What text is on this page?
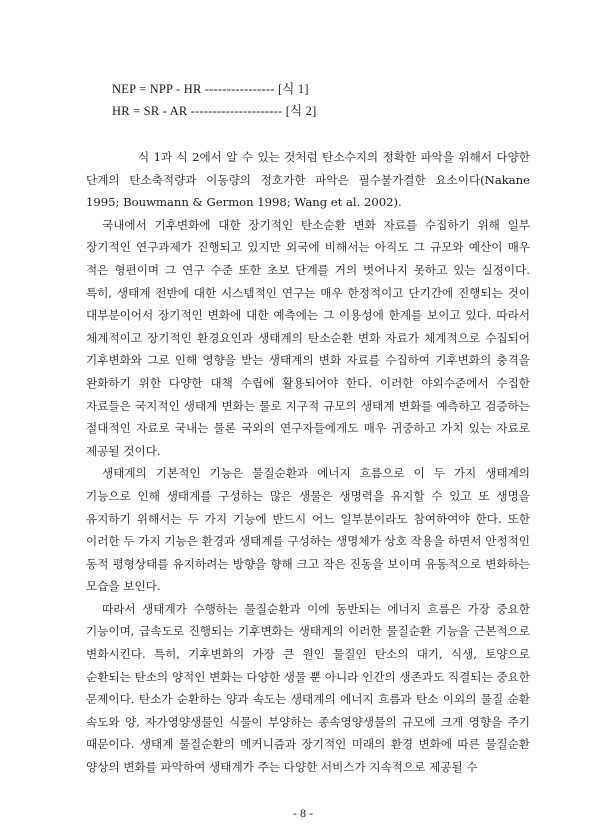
NEP = NPP - HR ---------------- [식 1]
HR = SR - AR --------------------- [식 2]

식 1과 식 2에서 알 수 있는 것처럼 탄소수지의 정확한 파악을 위해서 다양한 단계의 탄소축적량과 이동량의 정호가한 파악은 필수불가결한 요소이다(Nakane 1995; Bouwmann & Germon 1998; Wang et al. 2002).

국내에서 기후변화에 대한 장기적인 탄소순환 변화 자료를 수집하기 위해 일부 장기적인 연구과제가 진행되고 있지만 외국에 비해서는 아직도 그 규모와 예산이 매우 적은 형편이며 그 연구 수준 또한 초보 단계를 거의 벗어나지 못하고 있는 실정이다. 특히, 생태계 전반에 대한 시스템적인 연구는 매우 한정적이고 단기간에 진행되는 것이 대부분이어서 장기적인 변화에 대한 예측에는 그 이용성에 한계를 보이고 있다. 따라서 체계적이고 장기적인 환경요인과 생태계의 탄소순환 변화 자료가 체계적으로 수집되어 기후변화와 그로 인해 영향을 받는 생태계의 변화 자료를 수집하여 기후변화의 충격을 완화하기 위한 다양한 대책 수립에 활용되어야 한다. 이러한 야외수준에서 수집한 자료들은 국지적인 생태계 변화는 물로 지구적 규모의 생태계 변화를 예측하고 검증하는 절대적인 자료로 국내는 물론 국외의 연구자들에게도 매우 귀중하고 가치 있는 자료로 제공될 것이다.

생태계의 기본적인 기능은 물질순환과 에너지 흐름으로 이 두 가지 생태계의 기능으로 인해 생태계를 구성하는 많은 생물은 생명력을 유지할 수 있고 또 생명을 유지하기 위해서는 두 가지 기능에 반드시 어느 일부분이라도 참여하여야 한다. 또한 이러한 두 가지 기능은 환경과 생태계를 구성하는 생명체가 상호 작용을 하면서 안정적인 동적 평형상태를 유지하려는 방향을 향해 크고 작은 진동을 보이며 유동적으로 변화하는 모습을 보인다.

따라서 생태계가 수행하는 물질순환과 이에 동반되는 에너지 흐름은 가장 중요한 기능이며, 급속도로 진행되는 기후변화는 생태계의 이러한 물질순환 기능을 근본적으로 변화시킨다. 특히, 기후변화의 가장 큰 원인 물질인 탄소의 대기, 식생, 토양으로 순환되는 탄소의 양적인 변화는 다양한 생물 뿐 아니라 인간의 생존과도 직결되는 중요한 문제이다. 탄소가 순환하는 양과 속도는 생태계의 에너지 흐름과 탄소 이외의 물질 순환 속도와 양, 자가영양생물인 식물이 부양하는 종속영양생물의 규모에 크게 영향을 주기 때문이다. 생태계 물질순환의 메커니즘과 장기적인 미래의 환경 변화에 따른 물질순환 양상의 변화를 파악하여 생태계가 주는 다양한 서비스가 지속적으로 제공될 수

- 8 -
